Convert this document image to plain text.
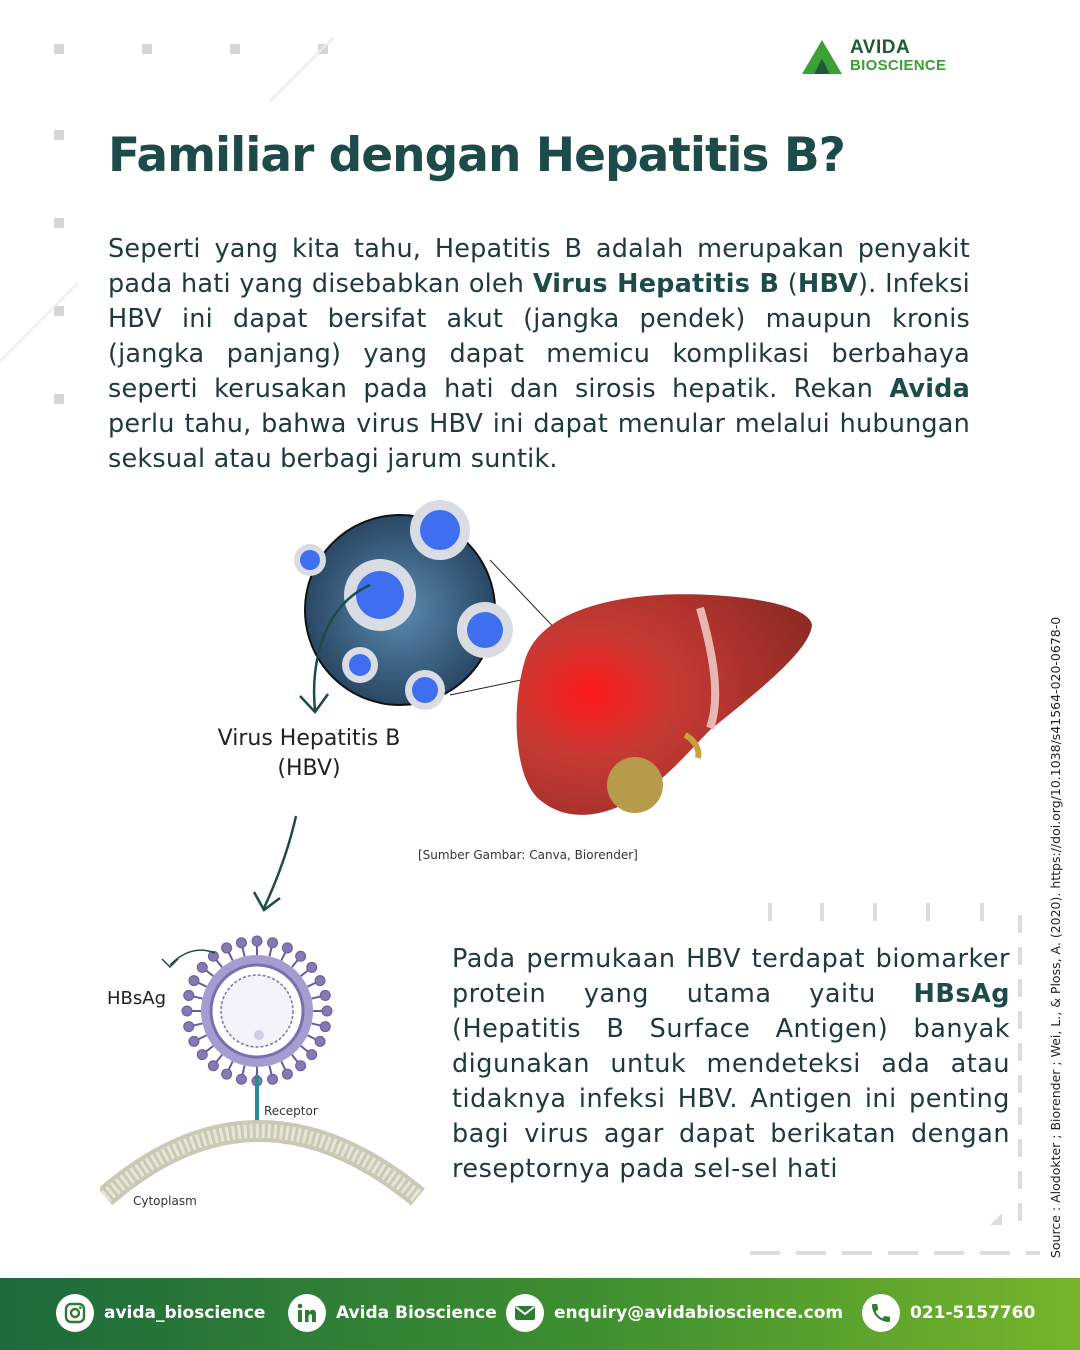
AVIDA
BIOSCIENCE
Familiar dengan Hepatitis B?
Seperti yang kita tahu, Hepatitis B adalah merupakan penyakit pada hati yang disebabkan oleh Virus Hepatitis B (HBV). Infeksi HBV ini dapat bersifat akut (jangka pendek) maupun kronis (jangka panjang) yang dapat memicu komplikasi berbahaya seperti kerusakan pada hati dan sirosis hepatik. Rekan Avida perlu tahu, bahwa virus HBV ini dapat menular melalui hubungan seksual atau berbagi jarum suntik.
Virus Hepatitis B
(HBV)
[Sumber Gambar: Canva, Biorender]
HBsAg
Receptor
Cytoplasm
Pada permukaan HBV terdapat biomarker protein yang utama yaitu HBsAg (Hepatitis B Surface Antigen) banyak digunakan untuk mendeteksi ada atau tidaknya infeksi HBV. Antigen ini penting bagi virus agar dapat berikatan dengan reseptornya pada sel-sel hati	Source : Alodokter ; Biorender ; Wei, L., & Ploss, A. (2020). https://doi.org/10.1038/s41564-020-0678-0
avida_bioscience	Avida Bioscience	enquiry@avidabioscience.com	021-5157760
